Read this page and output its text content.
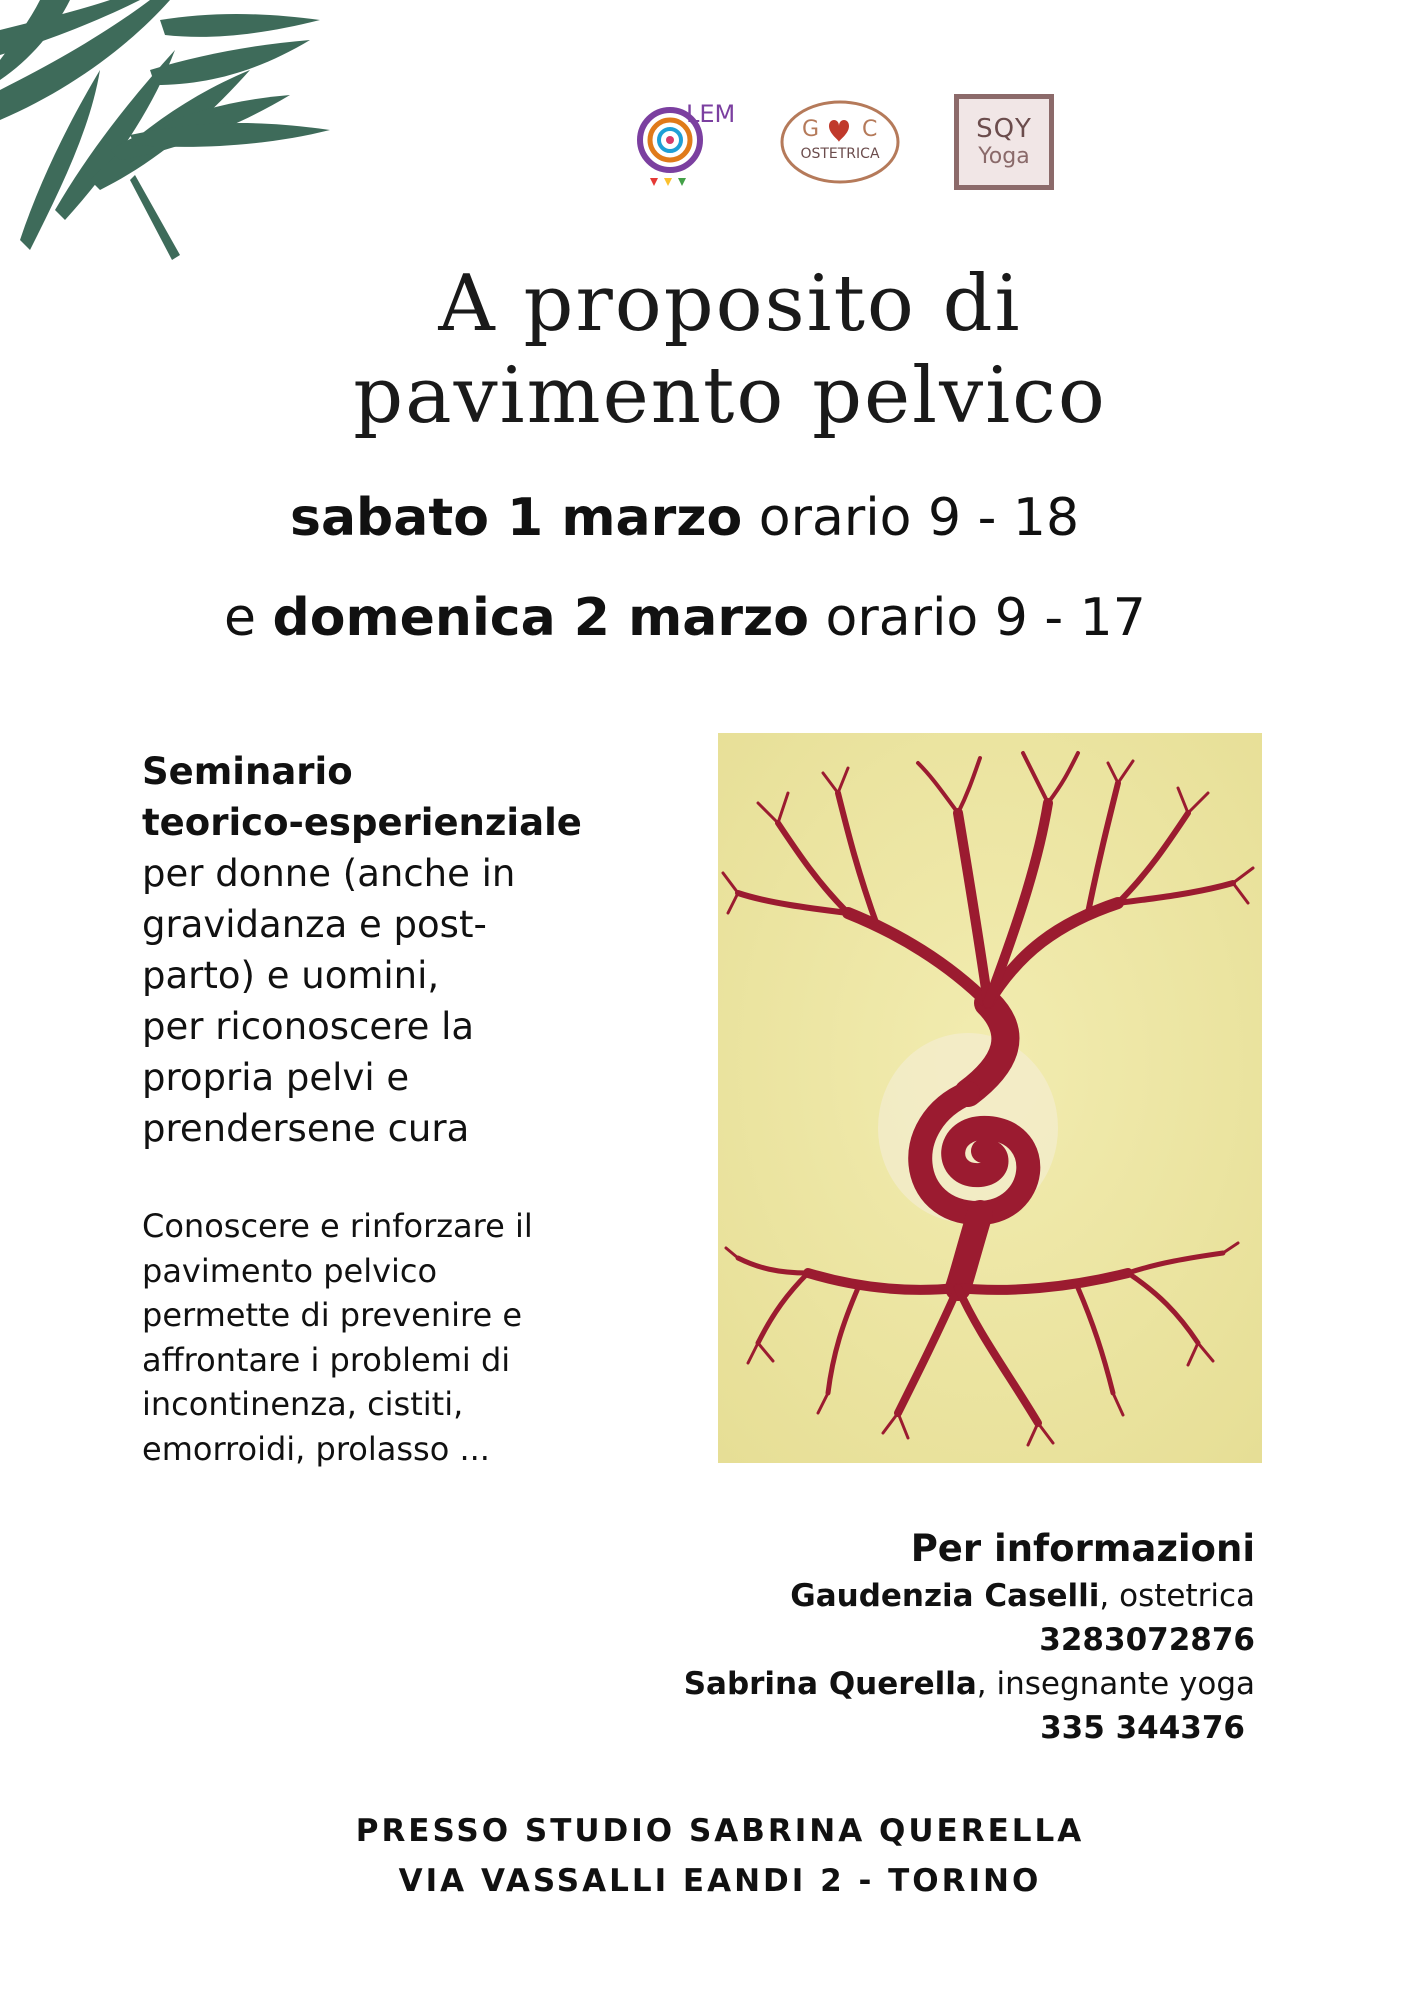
LEM
G C
OSTETRICA
SQY
Yoga
A proposito di
pavimento pelvico
sabato 1 marzo orario 9 - 18
e domenica 2 marzo orario 9 - 17
Seminario
teorico-esperienziale
per donne (anche in
gravidanza e post-
parto) e uomini,
per riconoscere la
propria pelvi e
prendersene cura
Conoscere e rinforzare il
pavimento pelvico
permette di prevenire e
affrontare i problemi di
incontinenza, cistiti,
emorroidi, prolasso ...
Per informazioni
Gaudenzia Caselli, ostetrica
3283072876
Sabrina Querella, insegnante yoga
335 344376
PRESSO STUDIO SABRINA QUERELLA
VIA VASSALLI EANDI 2 - TORINO
